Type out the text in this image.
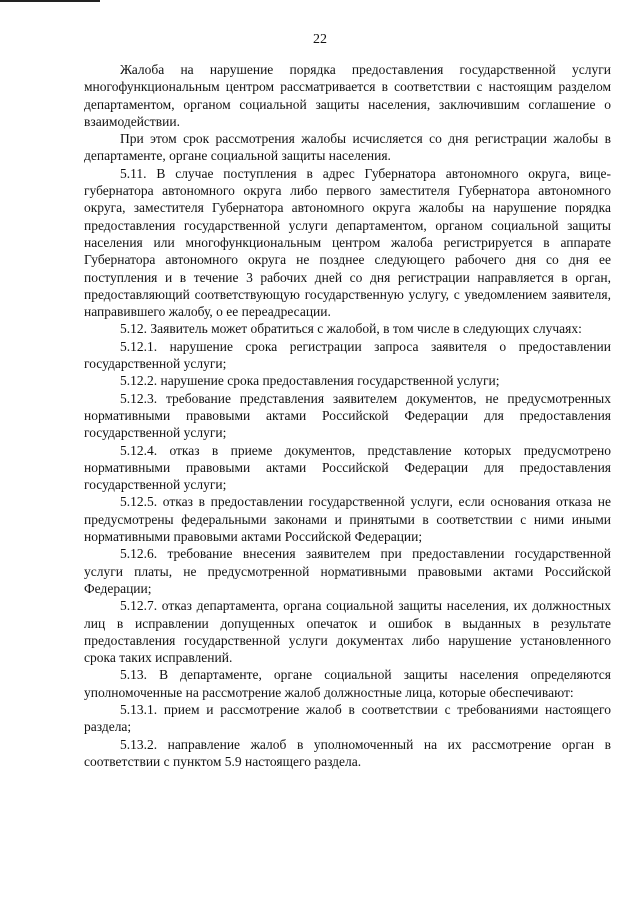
22

Жалоба на нарушение порядка предоставления государственной услуги многофункциональным центром рассматривается в соответствии с настоящим разделом департаментом, органом социальной защиты населения, заключившим соглашение о взаимодействии.

При этом срок рассмотрения жалобы исчисляется со дня регистрации жалобы в департаменте, органе социальной защиты населения.

5.11. В случае поступления в адрес Губернатора автономного округа, вице-губернатора автономного округа либо первого заместителя Губернатора автономного округа, заместителя Губернатора автономного округа жалобы на нарушение порядка предоставления государственной услуги департаментом, органом социальной защиты населения или многофункциональным центром жалоба регистрируется в аппарате Губернатора автономного округа не позднее следующего рабочего дня со дня ее поступления и в течение 3 рабочих дней со дня регистрации направляется в орган, предоставляющий соответствующую государственную услугу, с уведомлением заявителя, направившего жалобу, о ее переадресации.

5.12. Заявитель может обратиться с жалобой, в том числе в следующих случаях:

5.12.1. нарушение срока регистрации запроса заявителя о предоставлении государственной услуги;

5.12.2. нарушение срока предоставления государственной услуги;

5.12.3. требование представления заявителем документов, не предусмотренных нормативными правовыми актами Российской Федерации для предоставления государственной услуги;

5.12.4. отказ в приеме документов, представление которых предусмотрено нормативными правовыми актами Российской Федерации для предоставления государственной услуги;

5.12.5. отказ в предоставлении государственной услуги, если основания отказа не предусмотрены федеральными законами и принятыми в соответствии с ними иными нормативными правовыми актами Российской Федерации;

5.12.6. требование внесения заявителем при предоставлении государственной услуги платы, не предусмотренной нормативными правовыми актами Российской Федерации;

5.12.7. отказ департамента, органа социальной защиты населения, их должностных лиц в исправлении допущенных опечаток и ошибок в выданных в результате предоставления государственной услуги документах либо нарушение установленного срока таких исправлений.

5.13. В департаменте, органе социальной защиты населения определяются уполномоченные на рассмотрение жалоб должностные лица, которые обеспечивают:

5.13.1. прием и рассмотрение жалоб в соответствии с требованиями настоящего раздела;

5.13.2. направление жалоб в уполномоченный на их рассмотрение орган в соответствии с пунктом 5.9 настоящего раздела.
